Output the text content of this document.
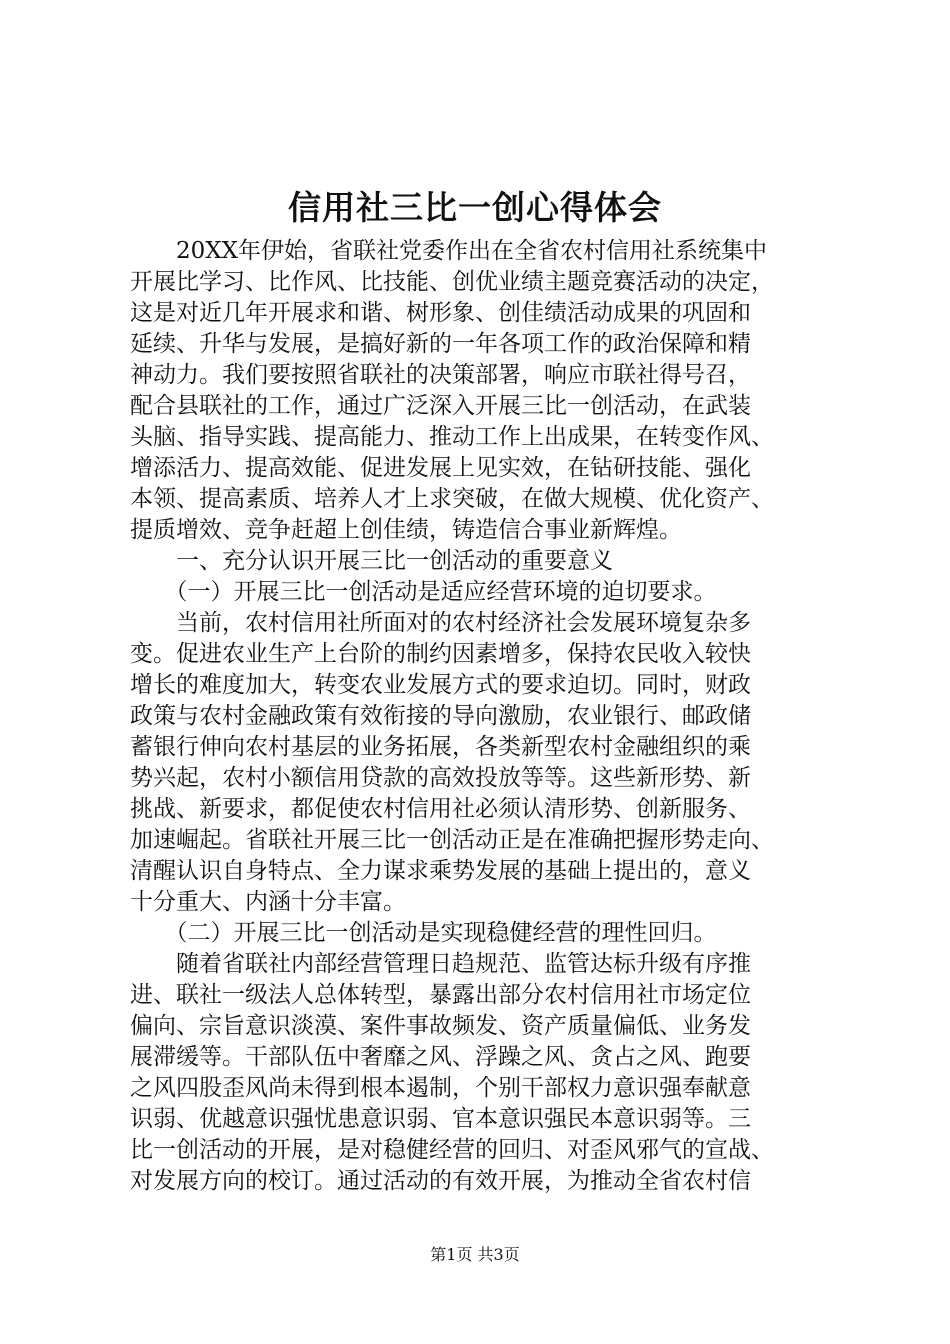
信用社三比一创心得体会
　　20XX年伊始，省联社党委作出在全省农村信用社系统集中
开展比学习、比作风、比技能、创优业绩主题竞赛活动的决定，
这是对近几年开展求和谐、树形象、创佳绩活动成果的巩固和
延续、升华与发展，是搞好新的一年各项工作的政治保障和精
神动力。我们要按照省联社的决策部署，响应市联社得号召，
配合县联社的工作，通过广泛深入开展三比一创活动，在武装
头脑、指导实践、提高能力、推动工作上出成果，在转变作风、
增添活力、提高效能、促进发展上见实效，在钻研技能、强化
本领、提高素质、培养人才上求突破，在做大规模、优化资产、
提质增效、竞争赶超上创佳绩，铸造信合事业新辉煌。
　　一、充分认识开展三比一创活动的重要意义
　　（一）开展三比一创活动是适应经营环境的迫切要求。
　　当前，农村信用社所面对的农村经济社会发展环境复杂多
变。促进农业生产上台阶的制约因素增多，保持农民收入较快
增长的难度加大，转变农业发展方式的要求迫切。同时，财政
政策与农村金融政策有效衔接的导向激励，农业银行、邮政储
蓄银行伸向农村基层的业务拓展，各类新型农村金融组织的乘
势兴起，农村小额信用贷款的高效投放等等。这些新形势、新
挑战、新要求，都促使农村信用社必须认清形势、创新服务、
加速崛起。省联社开展三比一创活动正是在准确把握形势走向、
清醒认识自身特点、全力谋求乘势发展的基础上提出的，意义
十分重大、内涵十分丰富。
　　（二）开展三比一创活动是实现稳健经营的理性回归。
　　随着省联社内部经营管理日趋规范、监管达标升级有序推
进、联社一级法人总体转型，暴露出部分农村信用社市场定位
偏向、宗旨意识淡漠、案件事故频发、资产质量偏低、业务发
展滞缓等。干部队伍中奢靡之风、浮躁之风、贪占之风、跑要
之风四股歪风尚未得到根本遏制，个别干部权力意识强奉献意
识弱、优越意识强忧患意识弱、官本意识强民本意识弱等。三
比一创活动的开展，是对稳健经营的回归、对歪风邪气的宣战、
对发展方向的校订。通过活动的有效开展，为推动全省农村信
第1页 共3页
